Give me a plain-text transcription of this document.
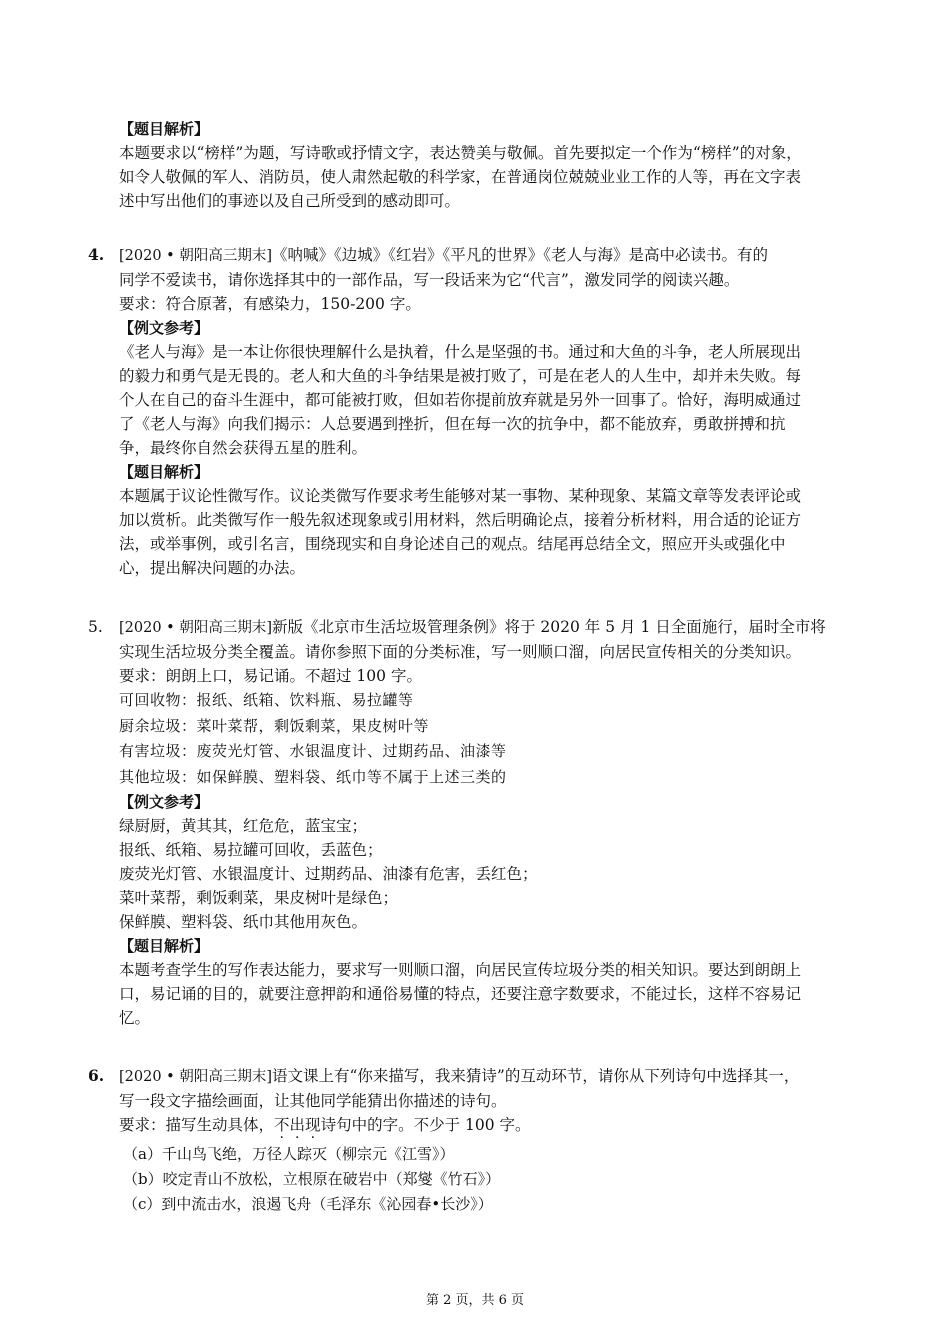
【题目解析】
本题要求以“榜样”为题，写诗歌或抒情文字，表达赞美与敬佩。首先要拟定一个作为“榜样”的对象，
如令人敬佩的军人、消防员，使人肃然起敬的科学家，在普通岗位兢兢业业工作的人等，再在文字表
述中写出他们的事迹以及自己所受到的感动即可。
4. [2020 • 朝阳高三期末]《呐喊》《边城》《红岩》《平凡的世界》《老人与海》是高中必读书。有的
同学不爱读书，请你选择其中的一部作品，写一段话来为它“代言”，激发同学的阅读兴趣。
要求：符合原著，有感染力，150-200 字。
【例文参考】
《老人与海》是一本让你很快理解什么是执着，什么是坚强的书。通过和大鱼的斗争，老人所展现出
的毅力和勇气是无畏的。老人和大鱼的斗争结果是被打败了，可是在老人的人生中，却并未失败。每
个人在自己的奋斗生涯中，都可能被打败，但如若你提前放弃就是另外一回事了。恰好，海明威通过
了《老人与海》向我们揭示：人总要遇到挫折，但在每一次的抗争中，都不能放弃，勇敢拼搏和抗
争，最终你自然会获得五星的胜利。
【题目解析】
本题属于议论性微写作。议论类微写作要求考生能够对某一事物、某种现象、某篇文章等发表评论或
加以赏析。此类微写作一般先叙述现象或引用材料，然后明确论点，接着分析材料，用合适的论证方
法，或举事例，或引名言，围绕现实和自身论述自己的观点。结尾再总结全文，照应开头或强化中
心，提出解决问题的办法。
5. [2020 • 朝阳高三期末]新版《北京市生活垃圾管理条例》将于 2020 年 5 月 1 日全面施行，届时全市将
实现生活垃圾分类全覆盖。请你参照下面的分类标准，写一则顺口溜，向居民宣传相关的分类知识。
要求：朗朗上口，易记诵。不超过 100 字。
可回收物：报纸、纸箱、饮料瓶、易拉罐等
厨余垃圾：菜叶菜帮，剩饭剩菜，果皮树叶等
有害垃圾：废荧光灯管、水银温度计、过期药品、油漆等
其他垃圾：如保鲜膜、塑料袋、纸巾等不属于上述三类的
【例文参考】
绿厨厨，黄其其，红危危，蓝宝宝；
报纸、纸箱、易拉罐可回收，丢蓝色；
废荧光灯管、水银温度计、过期药品、油漆有危害，丢红色；
菜叶菜帮，剩饭剩菜，果皮树叶是绿色；
保鲜膜、塑料袋、纸巾其他用灰色。
【题目解析】
本题考查学生的写作表达能力，要求写一则顺口溜，向居民宣传垃圾分类的相关知识。要达到朗朗上
口，易记诵的目的，就要注意押韵和通俗易懂的特点，还要注意字数要求，不能过长，这样不容易记
忆。
6. [2020 • 朝阳高三期末]语文课上有“你来描写，我来猜诗”的互动环节，请你从下列诗句中选择其一，
写一段文字描绘画面，让其他同学能猜出你描述的诗句。
要求：描写生动具体，不出现诗句中的字。不少于 100 字。
（a）千山鸟飞绝，万径人踪灭（柳宗元《江雪》）
（b）咬定青山不放松，立根原在破岩中（郑燮《竹石》）
（c）到中流击水，浪遏飞舟（毛泽东《沁园春•长沙》）
第 2 页，共 6 页
